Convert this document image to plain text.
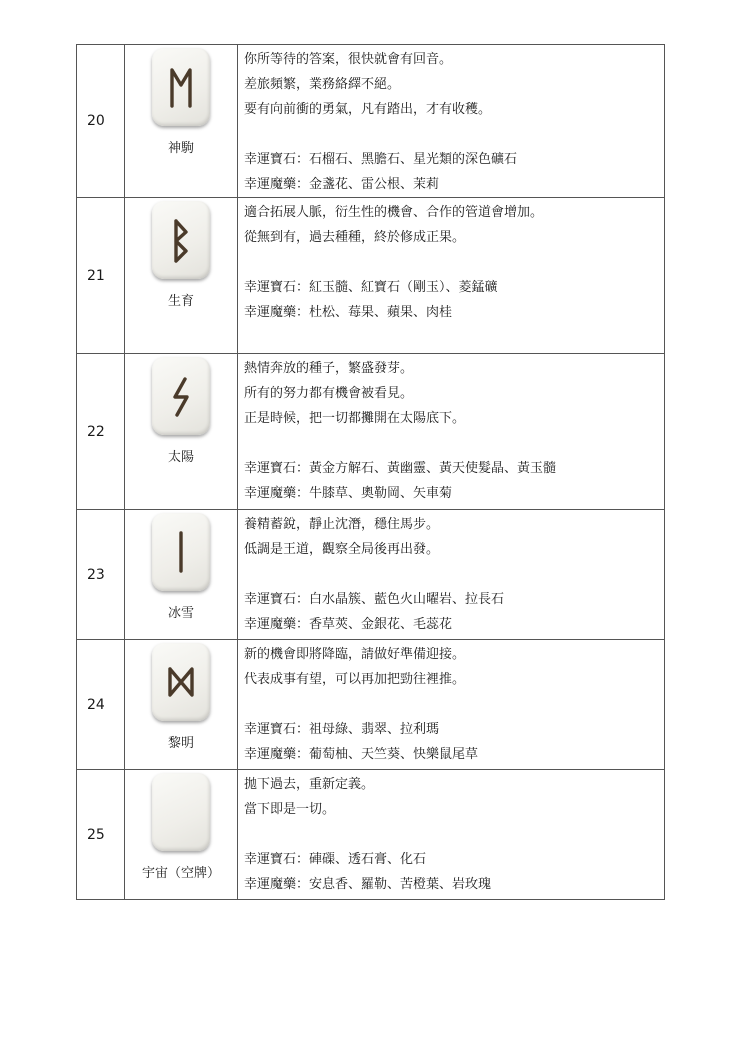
20	神駒	你所等待的答案，很快就會有回音。
差旅頻繁，業務絡繹不絕。
要有向前衝的勇氣，凡有踏出，才有收穫。
幸運寶石：石榴石、黑膽石、星光類的深色礦石
幸運魔藥：金盞花、雷公根、茉莉

21	生育	適合拓展人脈，衍生性的機會、合作的管道會增加。
從無到有，過去種種，終於修成正果。
幸運寶石：紅玉髓、紅寶石（剛玉）、菱錳礦
幸運魔藥：杜松、莓果、蘋果、肉桂

22	太陽	熱情奔放的種子，繁盛發芽。
所有的努力都有機會被看見。
正是時候，把一切都攤開在太陽底下。
幸運寶石：黃金方解石、黃幽靈、黃天使髮晶、黃玉髓
幸運魔藥：牛膝草、奧勒岡、矢車菊

23	冰雪	養精蓄銳，靜止沈潛，穩住馬步。
低調是王道，觀察全局後再出發。
幸運寶石：白水晶簇、藍色火山曜岩、拉長石
幸運魔藥：香草莢、金銀花、毛蕊花

24	黎明	新的機會即將降臨，請做好準備迎接。
代表成事有望，可以再加把勁往裡推。
幸運寶石：祖母綠、翡翠、拉利瑪
幸運魔藥：葡萄柚、天竺葵、快樂鼠尾草

25	宇宙（空牌）	拋下過去，重新定義。
當下即是一切。
幸運寶石：硨磲、透石膏、化石
幸運魔藥：安息香、羅勒、苦橙葉、岩玫瑰
